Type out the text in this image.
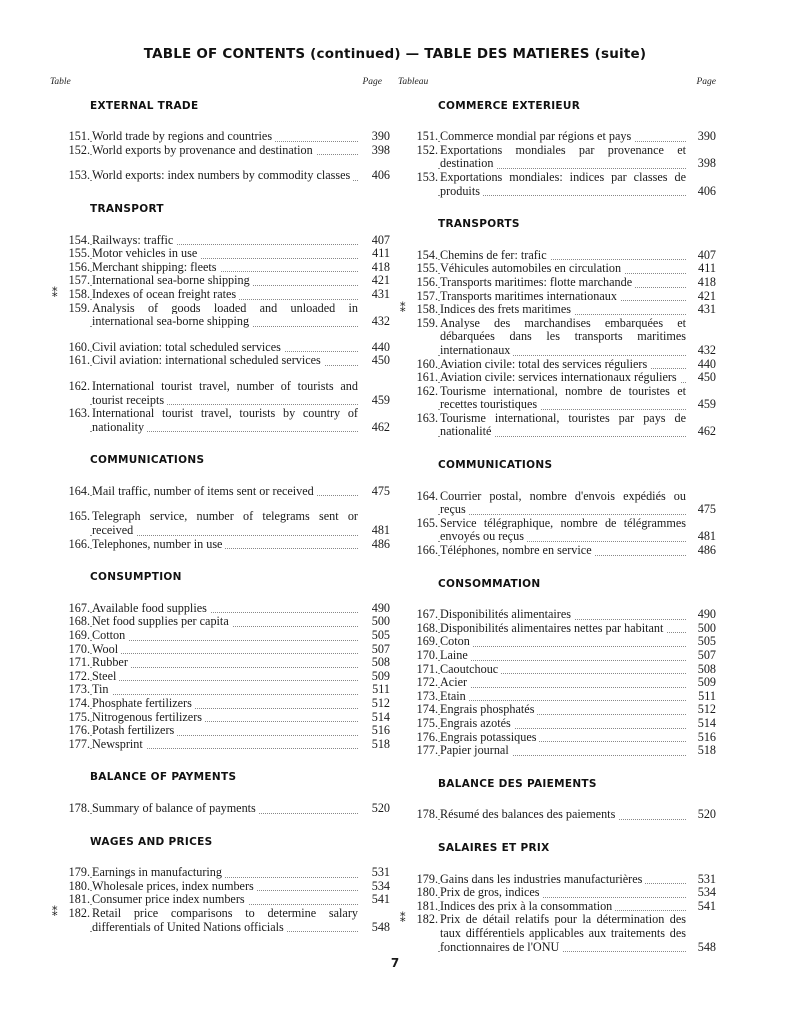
TABLE OF CONTENTS (continued) — TABLE DES MATIERES (suite)
Table	Page
EXTERNAL TRADE
151. World trade by regions and countries	390
152. World exports by provenance and destination	398
153. World exports: index numbers by commodity classes	406
TRANSPORT
154. Railways: traffic	407
155. Motor vehicles in use	411
156. Merchant shipping: fleets	418
157. International sea-borne shipping	421
⁑ 158. Indexes of ocean freight rates	431
159. Analysis of goods loaded and unloaded in international sea-borne shipping	432
160. Civil aviation: total scheduled services	440
161. Civil aviation: international scheduled services	450
162. International tourist travel, number of tourists and tourist receipts	459
163. International tourist travel, tourists by country of nationality	462
COMMUNICATIONS
164. Mail traffic, number of items sent or received	475
165. Telegraph service, number of telegrams sent or received	481
166. Telephones, number in use	486
CONSUMPTION
167. Available food supplies	490
168. Net food supplies per capita	500
169. Cotton	505
170. Wool	507
171. Rubber	508
172. Steel	509
173. Tin	511
174. Phosphate fertilizers	512
175. Nitrogenous fertilizers	514
176. Potash fertilizers	516
177. Newsprint	518
BALANCE OF PAYMENTS
178. Summary of balance of payments	520
WAGES AND PRICES
179. Earnings in manufacturing	531
180. Wholesale prices, index numbers	534
181. Consumer price index numbers	541
⁑ 182. Retail price comparisons to determine salary differentials of United Nations officials	548
Tableau	Page
COMMERCE EXTERIEUR
151. Commerce mondial par régions et pays	390
152. Exportations mondiales par provenance et destination	398
153. Exportations mondiales: indices par classes de produits	406
TRANSPORTS
154. Chemins de fer: trafic	407
155. Véhicules automobiles en circulation	411
156. Transports maritimes: flotte marchande	418
157. Transports maritimes internationaux	421
⁑ 158. Indices des frets maritimes	431
159. Analyse des marchandises embarquées et débarquées dans les transports maritimes internationaux	432
160. Aviation civile: total des services réguliers	440
161. Aviation civile: services internationaux réguliers	450
162. Tourisme international, nombre de touristes et recettes touristiques	459
163. Tourisme international, touristes par pays de nationalité	462
COMMUNICATIONS
164. Courrier postal, nombre d'envois expédiés ou reçus	475
165. Service télégraphique, nombre de télégrammes envoyés ou reçus	481
166. Téléphones, nombre en service	486
CONSOMMATION
167. Disponibilités alimentaires	490
168. Disponibilités alimentaires nettes par habitant	500
169. Coton	505
170. Laine	507
171. Caoutchouc	508
172. Acier	509
173. Etain	511
174. Engrais phosphatés	512
175. Engrais azotés	514
176. Engrais potassiques	516
177. Papier journal	518
BALANCE DES PAIEMENTS
178. Résumé des balances des paiements	520
SALAIRES ET PRIX
179. Gains dans les industries manufacturières	531
180. Prix de gros, indices	534
181. Indices des prix à la consommation	541
⁑ 182. Prix de détail relatifs pour la détermination des taux différentiels applicables aux traitements des fonctionnaires de l'ONU	548
7
